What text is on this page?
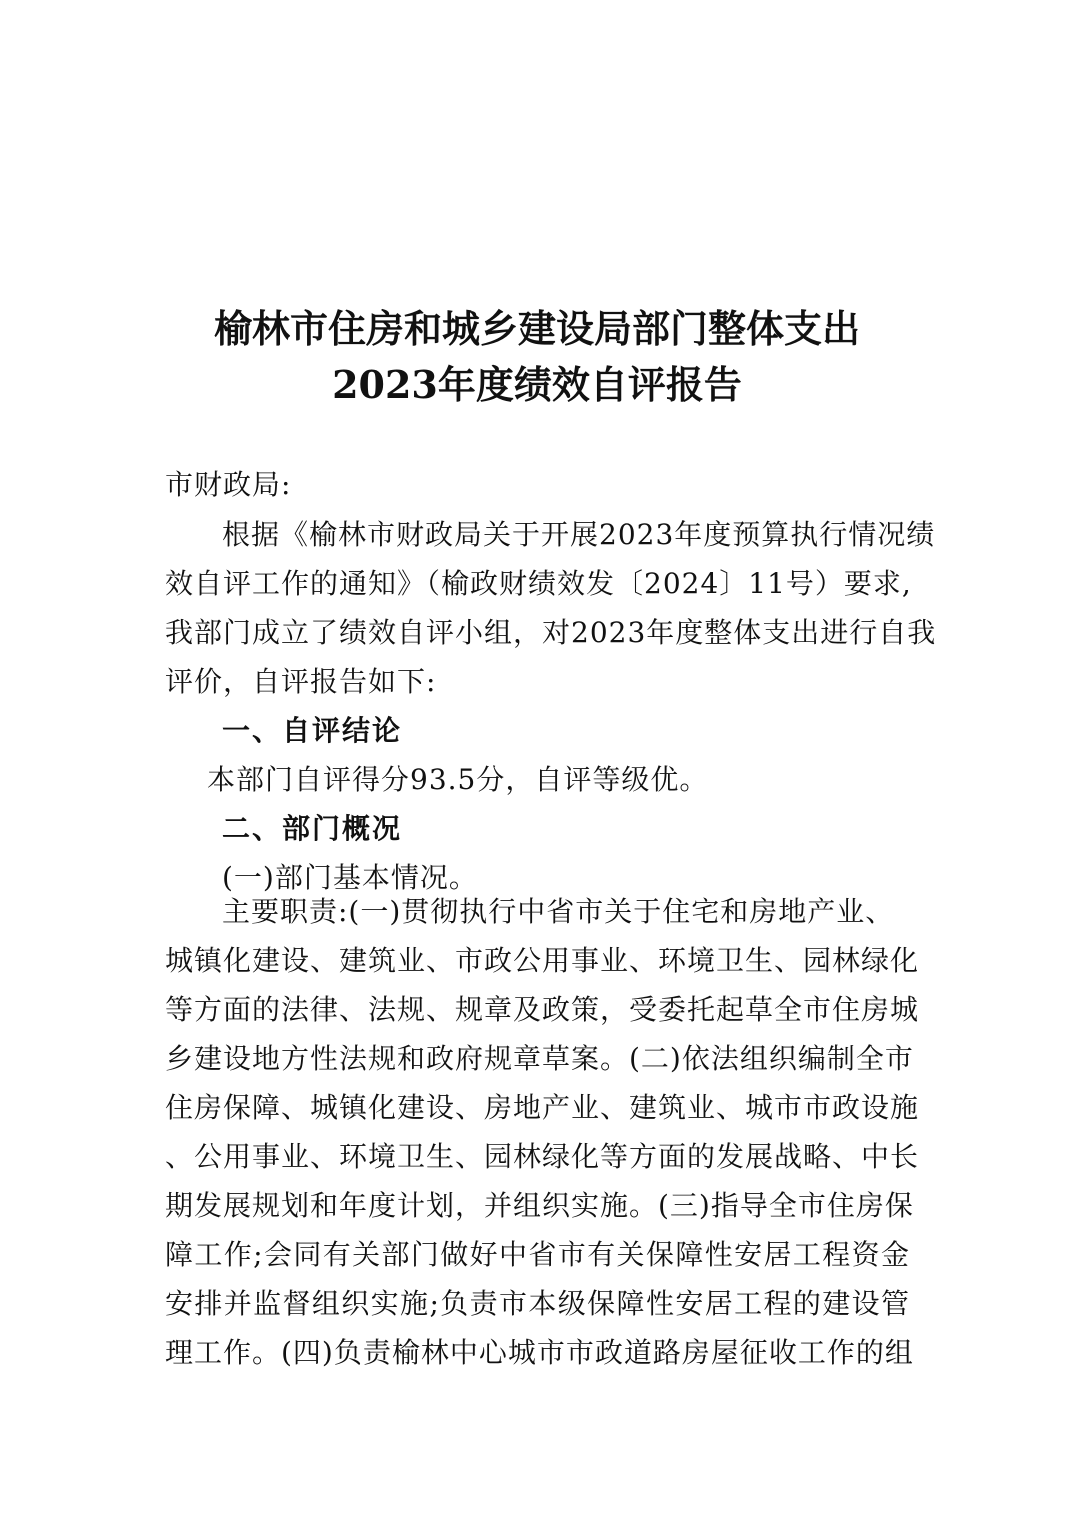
榆林市住房和城乡建设局部门整体支出
2023年度绩效自评报告
市财政局:
根据《榆林市财政局关于开展2023年度预算执行情况绩
效自评工作的通知》（榆政财绩效发〔2024〕11号）要求,
我部门成立了绩效自评小组，对2023年度整体支出进行自我
评价，自评报告如下:
一、自评结论
本部门自评得分93.5分，自评等级优。
二、部门概况
(一)部门基本情况。
主要职责:(一)贯彻执行中省市关于住宅和房地产业、
城镇化建设、建筑业、市政公用事业、环境卫生、园林绿化
等方面的法律、法规、规章及政策，受委托起草全市住房城
乡建设地方性法规和政府规章草案。(二)依法组织编制全市
住房保障、城镇化建设、房地产业、建筑业、城市市政设施
、公用事业、环境卫生、园林绿化等方面的发展战略、中长
期发展规划和年度计划，并组织实施。(三)指导全市住房保
障工作;会同有关部门做好中省市有关保障性安居工程资金
安排并监督组织实施;负责市本级保障性安居工程的建设管
理工作。(四)负责榆林中心城市市政道路房屋征收工作的组
